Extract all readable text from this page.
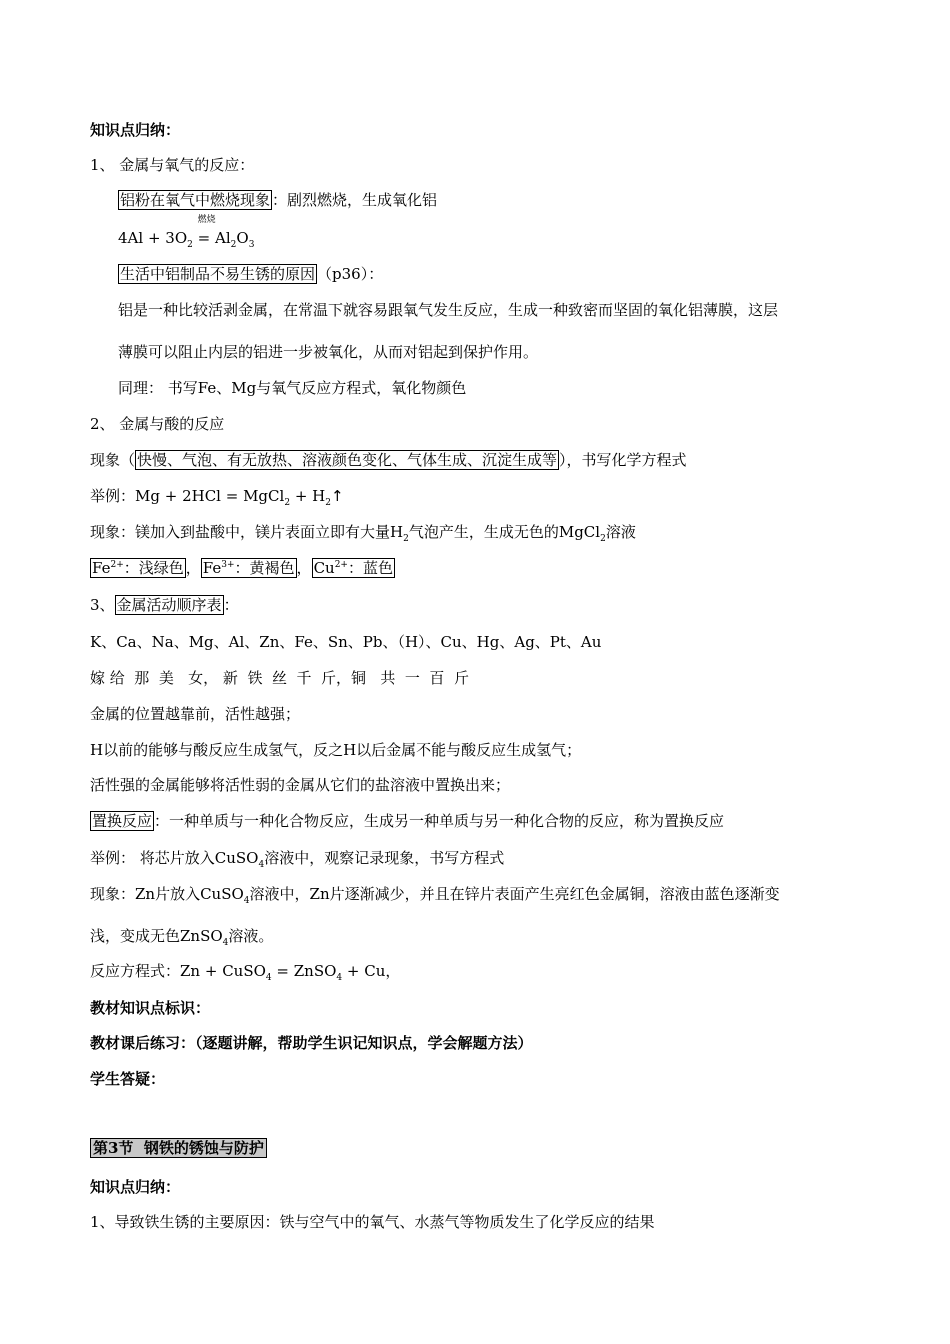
知识点归纳：
1、 金属与氧气的反应：
铝粉在氧气中燃烧现象 ：剧烈燃烧，生成氧化铝
$4Al + 3O_2$
燃烧
= $Al_2O_3$
生活中铝制品不易生锈的原因 （p36）：
铝是一种比较活剥金属，在常温下就容易跟氧气发生反应，生成一种致密而坚固的氧化铝薄膜，这层
薄膜可以阻止内层的铝进一步被氧化，从而对铝起到保护作用。
同理： 书写Fe、Mg与氧气反应方程式，氧化物颜色
2、 金属与酸的反应
现象（ 快慢、气泡、有无放热、溶液颜色变化、气体生成、沉淀生成等 ），书写化学方程式
举例：Mg + 2HCl = MgCl$_2$ + $H_2↑$
现象：镁加入到盐酸中，镁片表面立即有大量$H_2$气泡产生，生成无色的MgCl$_2$溶液
$Fe^{2+}$：浅绿色 ， $Fe^{3+}$：黄褐色 ， $Cu^{2+}$：蓝色
3、 金属活动顺序表 ：
K、Ca、Na、Mg、Al、Zn、Fe、Sn、Pb、（H）、Cu、Hg、Ag、Pt、Au
嫁 给  那  美   女， 新  铁  丝  千  斤，铜   共  一  百  斤
金属的位置越靠前，活性越强；
H以前的能够与酸反应生成氢气，反之H以后金属不能与酸反应生成氢气；
活性强的金属能够将活性弱的金属从它们的盐溶液中置换出来；
置换反应 ：一种单质与一种化合物反应，生成另一种单质与另一种化合物的反应，称为置换反应
举例： 将芯片放入CuSO$_4$溶液中，观察记录现象，书写方程式
现象：Zn片放入CuSO$_4$溶液中，Zn片逐渐减少，并且在锌片表面产生亮红色金属铜，溶液由蓝色逐渐变
浅，变成无色ZnSO$_4$溶液。
反应方程式：Zn + CuSO$_4$ = ZnSO$_4$ + Cu，
教材知识点标识：
教材课后练习：（逐题讲解，帮助学生识记知识点，学会解题方法）
学生答疑：
第3节  钢铁的锈蚀与防护
知识点归纳：
1、导致铁生锈的主要原因：铁与空气中的氧气、水蒸气等物质发生了化学反应的结果
